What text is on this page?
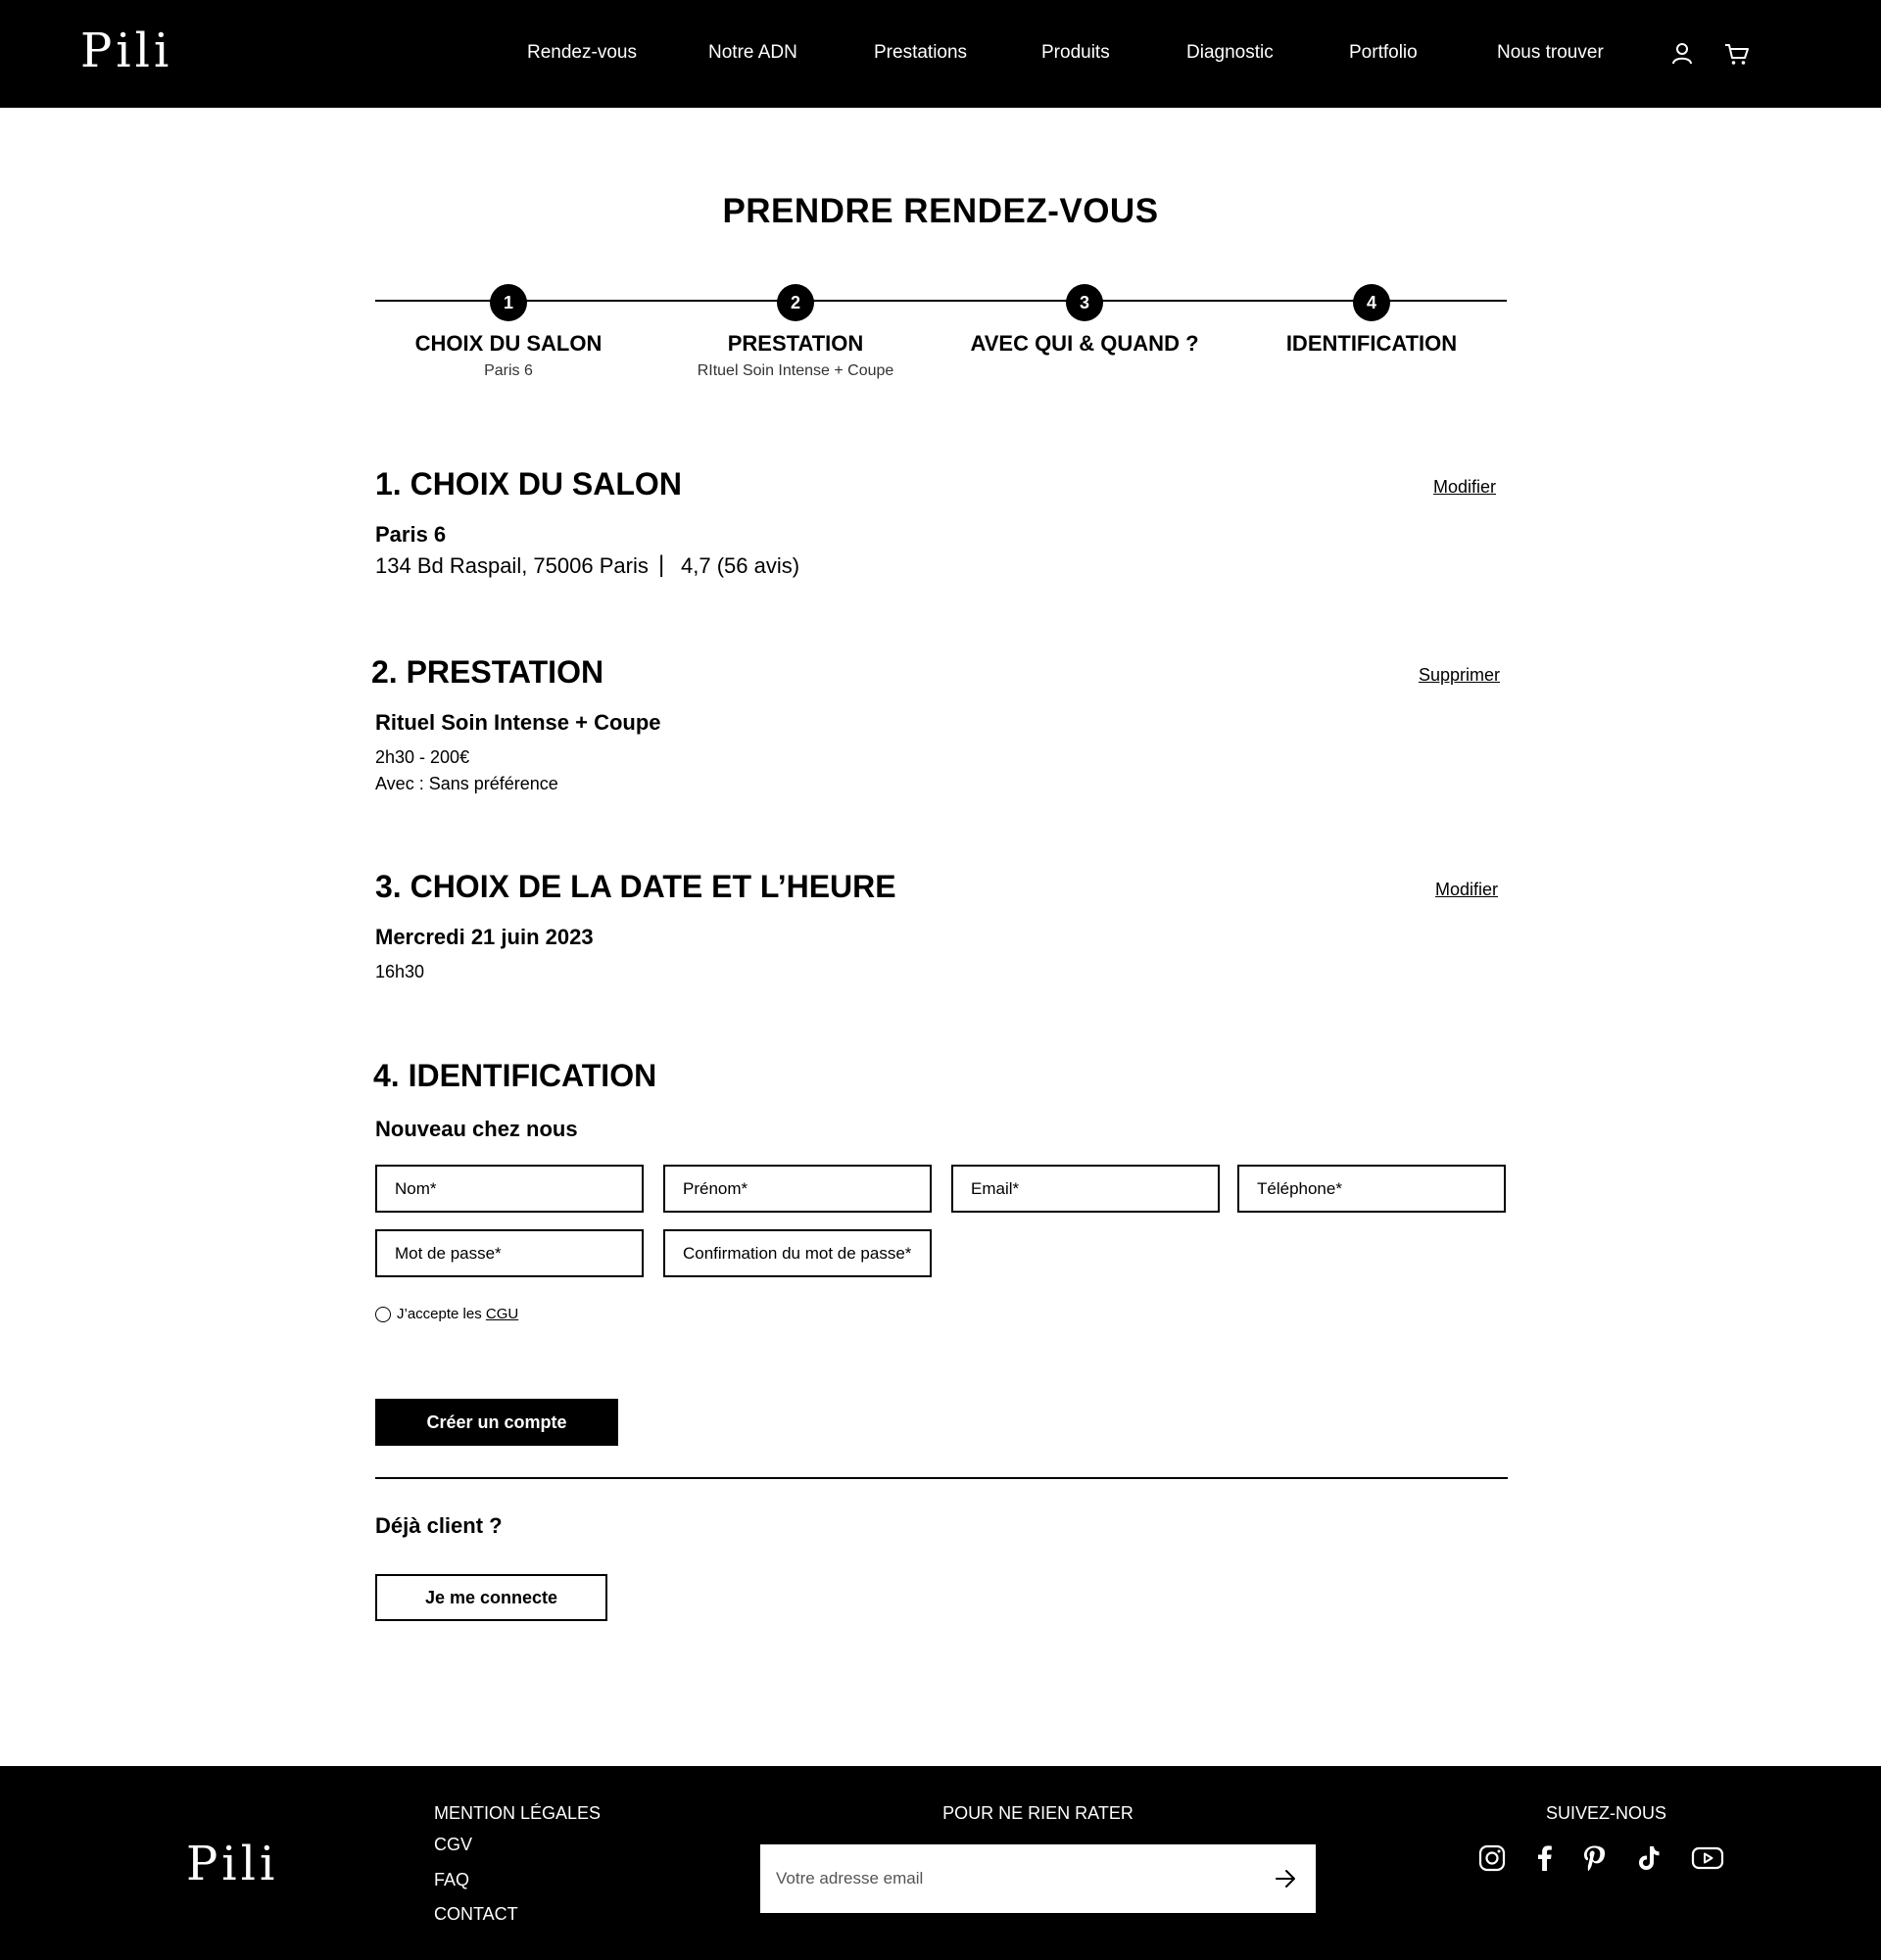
Pili	Rendez-vous	Notre ADN	Prestations	Produits	Diagnostic	Portfolio	Nous trouver
PRENDRE RENDEZ-VOUS
1
CHOIX DU SALON
Paris 6
2
PRESTATION
RItuel Soin Intense + Coupe
3
AVEC QUI & QUAND ?
4
IDENTIFICATION
1. CHOIX DU SALON	Modifier
Paris 6
134 Bd Raspail, 75006 Paris | 4,7 (56 avis)
2. PRESTATION	Supprimer
Rituel Soin Intense + Coupe
2h30 - 200€
Avec : Sans préférence
3. CHOIX DE LA DATE ET L’HEURE	Modifier
Mercredi 21 juin 2023
16h30
4. IDENTIFICATION
Nouveau chez nous
Nom*
Prénom*
Email*
Téléphone*
J’accepte les CGU
Créer un compte
Déjà client ?
Je me connecte
Pili
MENTION LÉGALES
CGV
FAQ
CONTACT
POUR NE RIEN RATER
Votre adresse email	SUIVEZ-NOUS
